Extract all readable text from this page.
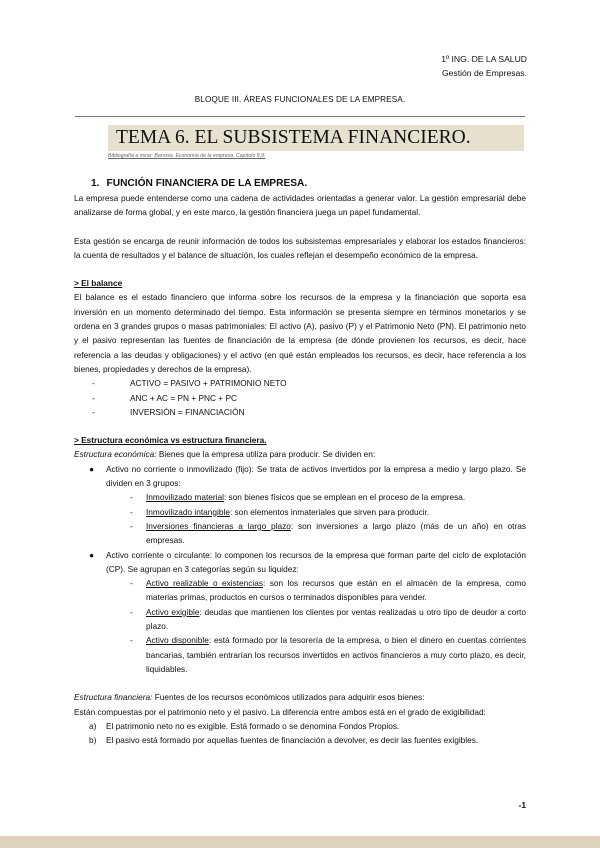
1º ING. DE LA SALUD
Gestión de Empresas.
BLOQUE III. ÁREAS FUNCIONALES DE LA EMPRESA.
TEMA 6. EL SUBSISTEMA FINANCIERO.
Bibliografía a mirar: Barroso. Economía de la empresa. Capítulo 8,9.
1. FUNCIÓN FINANCIERA DE LA EMPRESA.

La empresa puede entenderse como una cadena de actividades orientadas a generar valor. La gestión empresarial debe analizarse de forma global, y en este marco, la gestión financiera juega un papel fundamental.

Esta gestión se encarga de reunir información de todos los subsistemas empresariales y elaborar los estados financieros: la cuenta de resultados y el balance de situación, los cuales reflejan el desempeño económico de la empresa.

> El balance

El balance es el estado financiero que informa sobre los recursos de la empresa y la financiación que soporta esa inversión en un momento determinado del tiempo. Esta información se presenta siempre en términos monetarios y se ordena en 3 grandes grupos o masas patrimoniales: El activo (A), pasivo (P) y el Patrimonio Neto (PN). El patrimonio neto y el pasivo representan las fuentes de financiación de la empresa (de dónde provienen los recursos, es decir, hace referencia a las deudas y obligaciones) y el activo (en qué están empleados los recursos, es decir, hace referencia a los bienes, propiedades y derechos de la empresa).

-	ACTIVO = PASIVO + PATRIMONIO NETO
-	ANC + AC = PN + PNC + PC
-	INVERSIÓN = FINANCIACIÓN

> Estructura económica vs estructura financiera.

Estructura económica: Bienes que la empresa utiliza para producir. Se dividen en:

● Activo no corriente o inmovilizado (fijo): Se trata de activos invertidos por la empresa a medio y largo plazo. Se dividen en 3 grupos:
- Inmovilizado material: son bienes físicos que se emplean en el proceso de la empresa.
- Inmovilizado intangible: son elementos inmateriales que sirven para producir.
- Inversiones financieras a largo plazo: son inversiones a largo plazo (más de un año) en otras empresas.
● Activo corriente o circulante: lo componen los recursos de la empresa que forman parte del ciclo de explotación (CP). Se agrupan en 3 categorías según su liquidez:
- Activo realizable o existencias: son los recursos que están en el almacén de la empresa, como materias primas, productos en cursos o terminados disponibles para vender.
- Activo exigible: deudas que mantienen los clientes por ventas realizadas u otro tipo de deudor a corto plazo.
- Activo disponible: está formado por la tesorería de la empresa, o bien el dinero en cuentas corrientes bancarias, también entrarían los recursos invertidos en activos financieros a muy corto plazo, es decir, liquidables.

Estructura financiera: Fuentes de los recursos económicos utilizados para adquirir esos bienes:

Están compuestas por el patrimonio neto y el pasivo. La diferencia entre ambos está en el grado de exigibilidad:

a) El patrimonio neto no es exigible. Está formado o se denomina Fondos Propios.
b) El pasivo está formado por aquellas fuentes de financiación a devolver, es decir las fuentes exigibles.
-1
